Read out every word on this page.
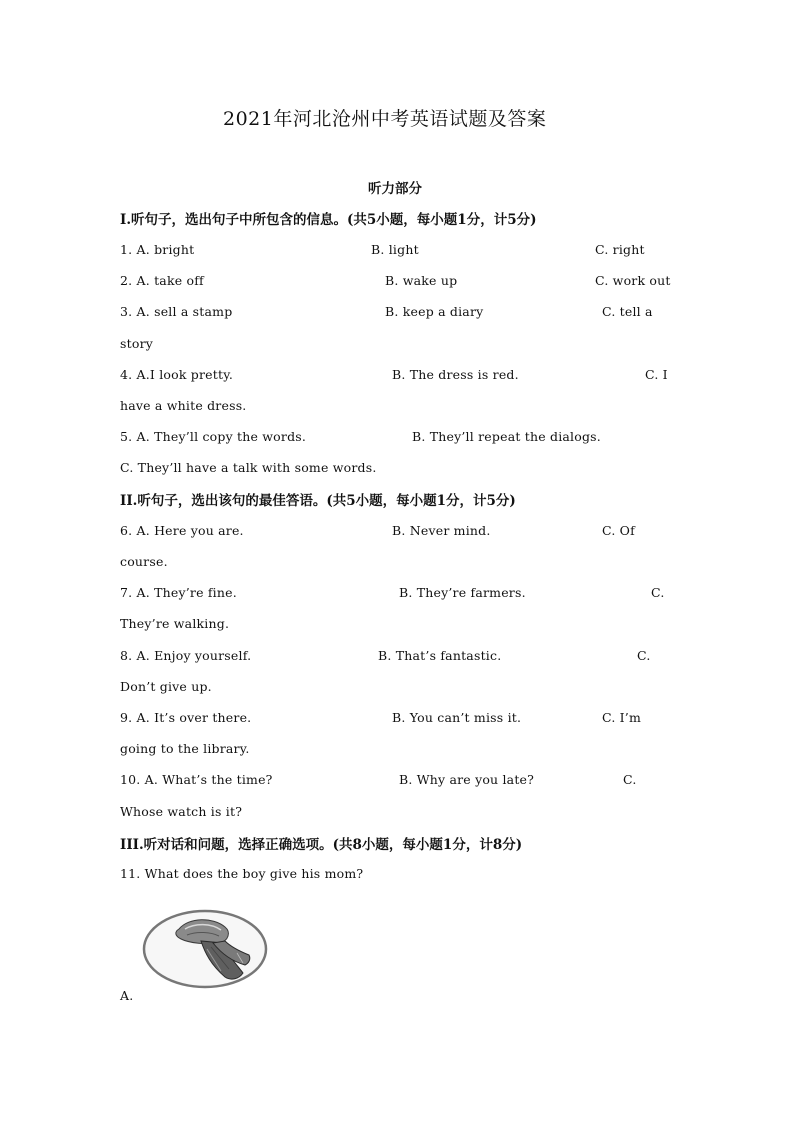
2021年河北沧州中考英语试题及答案
听力部分
I.听句子，选出句子中所包含的信息。(共5小题，每小题1分，计5分)
1. A. bright	B. light	C. right
2. A. take off	B. wake up	C. work out
3. A. sell a stamp	B. keep a diary	C. tell a
story
4. A.I look pretty.	B. The dress is red.	C. I
have a white dress.
5. A. They’ll copy the words.	B. They’ll repeat the dialogs.
C. They’ll have a talk with some words.
II.听句子，选出该句的最佳答语。(共5小题，每小题1分，计5分)
6. A. Here you are.	B. Never mind.	C. Of
course.
7. A. They’re fine.	B. They’re farmers.	C.
They’re walking.
8. A. Enjoy yourself.	B. That’s fantastic.	C.
Don’t give up.
9. A. It’s over there.	B. You can’t miss it.	C. I’m
going to the library.
10. A. What’s the time?	B. Why are you late?	C.
Whose watch is it?
III.听对话和问题，选择正确选项。(共8小题，每小题1分，计8分)
11. What does the boy give his mom?
A.
